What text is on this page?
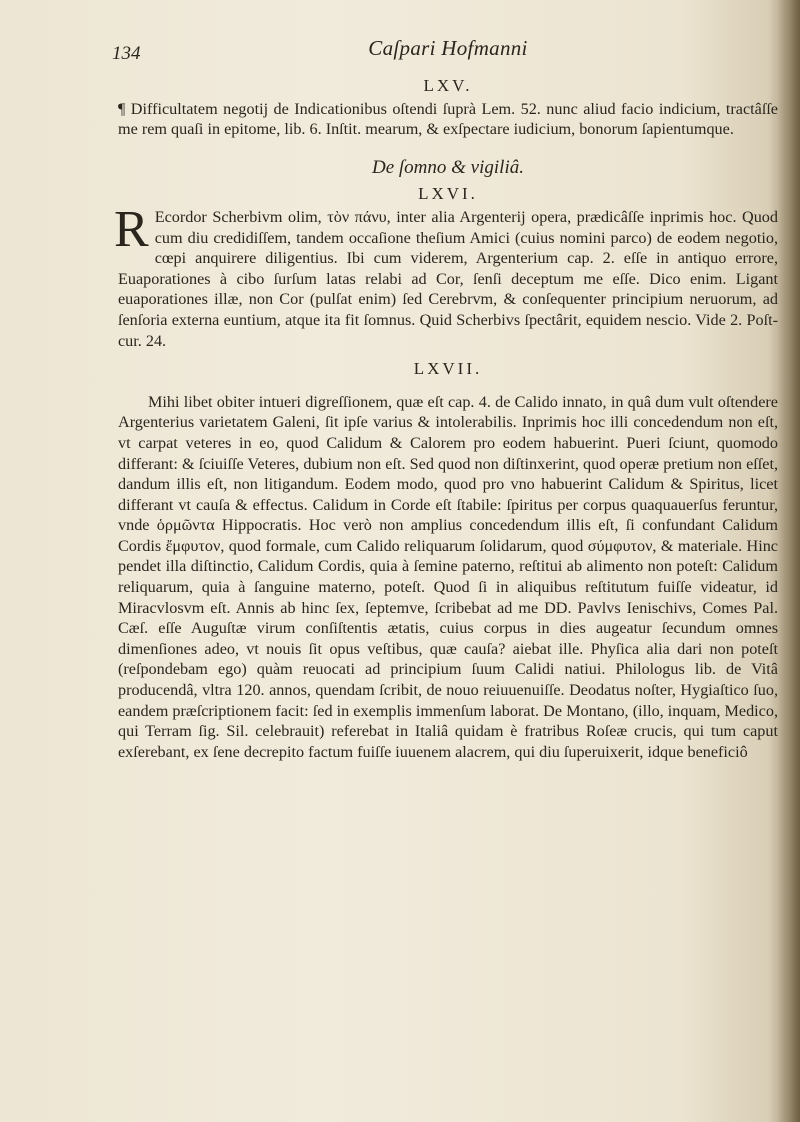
134	Caſpari Hofmanni
LXV.

¶ Difficultatem negotij de Indicationibus oſtendi ſuprà Lem. 52. nunc aliud facio indicium, tractâſſe me rem quaſi in epitome, lib. 6. Inſtit. mearum, & exſpectare iudicium, bonorum ſapientumque.

De ſomno & vigiliâ.
LXVI.

R Ecordor Scherbivm olim, τὸν πάνυ, inter alia Argenterij opera, prædicâſſe inprimis hoc. Quod cum diu credidiſſem, tandem occaſione theſium Amici (cuius nomini parco) de eodem negotio, cœpi anquirere diligentius. Ibi cum viderem, Argenterium cap. 2. eſſe in antiquo errore, Euaporationes à cibo ſurſum latas relabi ad Cor, ſenſi deceptum me eſſe. Dico enim. Ligant euaporationes illæ, non Cor (pulſat enim) ſed Cerebrvm, & conſequenter principium neruorum, ad ſenſoria externa euntium, atque ita fit ſomnus. Quid Scherbivs ſpectârit, equidem nescio. Vide 2. Poſt-cur. 24.

LXVII.

Mihi libet obiter intueri digreſſionem, quæ eſt cap. 4. de Calido innato, in quâ dum vult oſtendere Argenterius varietatem Galeni, ſit ipſe varius & intolerabilis. Inprimis hoc illi concedendum non eſt, vt carpat veteres in eo, quod Calidum & Calorem pro eodem habuerint. Pueri ſciunt, quomodo differant: & ſciuiſſe Veteres, dubium non eſt. Sed quod non diſtinxerint, quod operæ pretium non eſſet, dandum illis eſt, non litigandum. Eodem modo, quod pro vno habuerint Calidum & Spiritus, licet differant vt cauſa & effectus. Calidum in Corde eſt ſtabile: ſpiritus per corpus quaquauerſus feruntur, vnde ὁρμῶντα Hippocratis. Hoc verò non amplius concedendum illis eſt, ſi confundant Calidum Cordis ἔμφυτον, quod formale, cum Calido reliquarum ſolidarum, quod σύμφυτον, & materiale. Hinc pendet illa diſtinctio, Calidum Cordis, quia à ſemine paterno, reſtitui ab alimento non poteſt: Calidum reliquarum, quia à ſanguine materno, poteſt. Quod ſi in aliquibus reſtitutum fuiſſe videatur, id Miracvlosvm eſt. Annis ab hinc ſex, ſeptemve, ſcribebat ad me DD. Pavlvs Ienischivs, Comes Pal. Cæſ. eſſe Auguſtæ virum conſiſtentis ætatis, cuius corpus in dies augeatur ſecundum omnes dimenſiones adeo, vt nouis ſit opus veſtibus, quæ cauſa? aiebat ille. Phyſica alia dari non poteſt (reſpondebam ego) quàm reuocati ad principium ſuum Calidi natiui. Philologus lib. de Vitâ producendâ, vltra 120. annos, quendam ſcribit, de nouo reiuuenuiſſe. Deodatus noſter, Hygiaſtico ſuo, eandem præſcriptionem facit: ſed in exemplis immenſum laborat. De Montano, (illo, inquam, Medico, qui Terram ſig. Sil. celebrauit) referebat in Italiâ quidam è fratribus Roſeæ crucis, qui tum caput exſerebant, ex ſene decrepito factum fuiſſe iuuenem alacrem, qui diu ſuperuixerit, idque beneficiô
